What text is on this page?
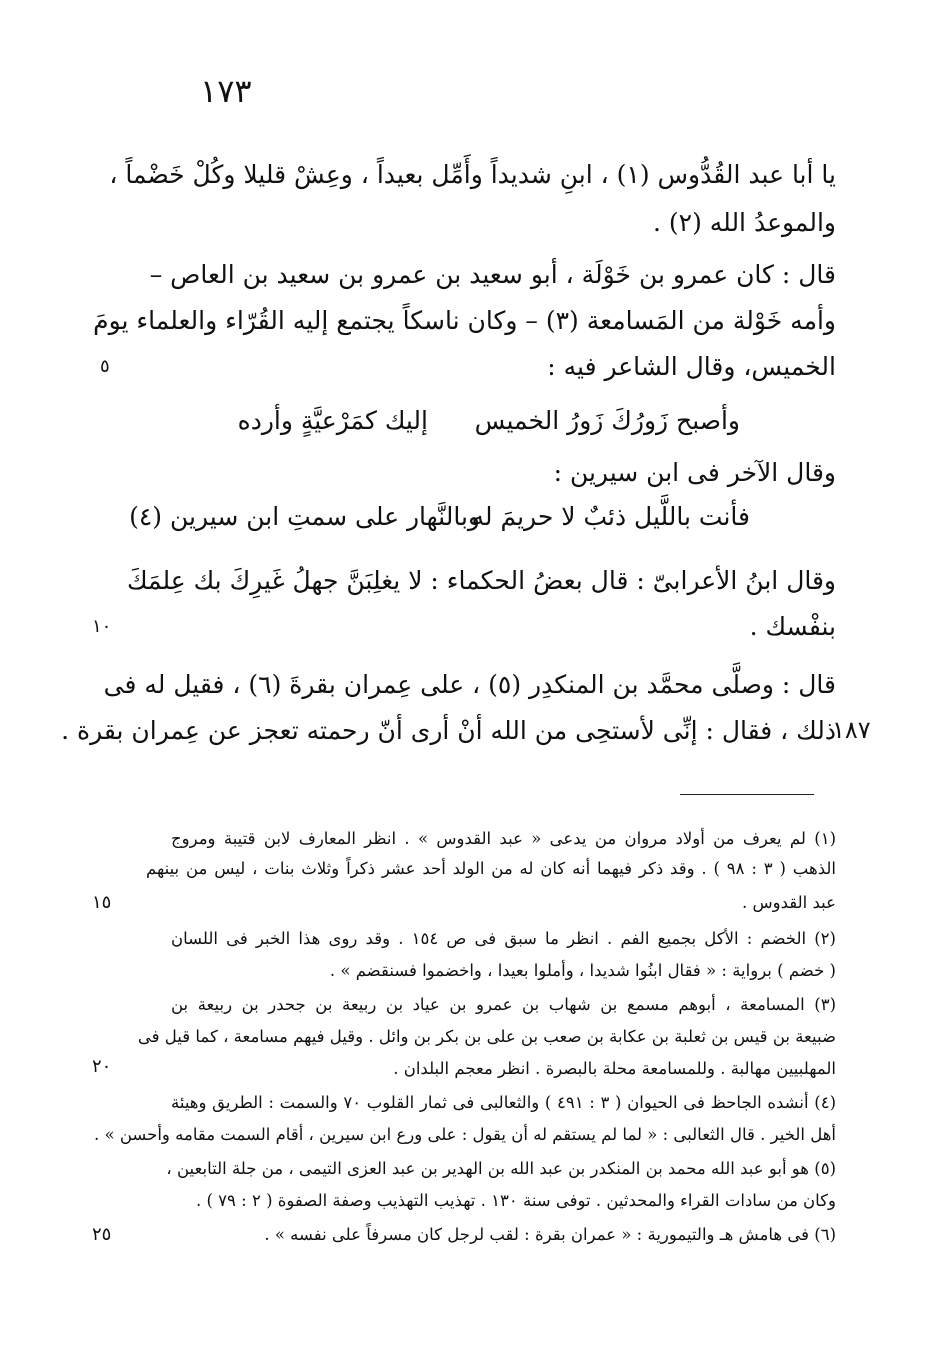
١٧٣
يا أبا عبد القُدُّوس (١) ، ابنِ شديداً وأَمِّل بعيداً ، وعِشْ قليلا وكُلْ خَضْماً ،
والموعدُ الله (٢) .
قال : كان عمرو بن خَوْلَة ، أبو سعيد بن عمرو بن سعيد بن العاص –
وأمه خَوْلة من المَسامعة (٣) – وكان ناسكاً يجتمع إليه القُرّاء والعلماء يومَ
الخميس، وقال الشاعر فيه :
وأصبح زَورُكَ زَورُ الخميس
إليك كمَرْعيَّةٍ وأرده
وقال الآخر فى ابن سيرين :
فأنت باللَّيل ذئبٌ لا حريمَ له
وبالنَّهار على سمتِ ابن سيرين (٤)
وقال ابنُ الأعرابىّ : قال بعضُ الحكماء : لا يغلِبَنَّ جهلُ غَيرِكَ بك عِلمَكَ
بنفْسك .
قال : وصلَّى محمَّد بن المنكدِر (٥) ، على عِمران بقرةَ (٦) ، فقيل له فى
ذلك ، فقال : إنِّى لأستحِى من الله أنْ أرى أنّ رحمته تعجز عن عِمران بقرة .
٥
١٠
١٨٧
١٥
٢٠
٢٥
(١) لم يعرف من أولاد مروان من يدعى « عبد القدوس » . انظر المعارف لابن قتيبة ومروج
الذهب ( ٣ : ٩٨ ) . وقد ذكر فيهما أنه كان له من الولد أحد عشر ذكراً وثلاث بنات ، ليس من بينهم
عبد القدوس .
(٢) الخضم : الأكل بجميع الفم . انظر ما سبق فى ص ١٥٤ . وقد روى هذا الخبر فى اللسان
( خضم ) برواية : « فقال ابنُوا شديدا ، وأملوا بعيدا ، واخضموا فسنقضم » .
(٣) المسامعة ، أبوهم مسمع بن شهاب بن عمرو بن عياد بن ربيعة بن جحدر بن ربيعة بن
ضبيعة بن قيس بن ثعلبة بن عكابة بن صعب بن على بن بكر بن وائل . وقيل فيهم مسامعة ، كما قيل فى
المهلبيين مهالبة . وللمسامعة محلة بالبصرة . انظر معجم البلدان .
(٤) أنشده الجاحظ فى الحيوان ( ٣ : ٤٩١ ) والثعالبى فى ثمار القلوب ٧٠ والسمت : الطريق وهيئة
أهل الخير . قال الثعالبى : « لما لم يستقم له أن يقول : على ورع ابن سيرين ، أقام السمت مقامه وأحسن » .
(٥) هو أبو عبد الله محمد بن المنكدر بن عبد الله بن الهدير بن عبد العزى التيمى ، من جلة التابعين ،
وكان من سادات القراء والمحدثين . توفى سنة ١٣٠ . تهذيب التهذيب وصفة الصفوة ( ٢ : ٧٩ ) .
(٦) فى هامش هـ والتيمورية : « عمران بقرة : لقب لرجل كان مسرفاً على نفسه » .
